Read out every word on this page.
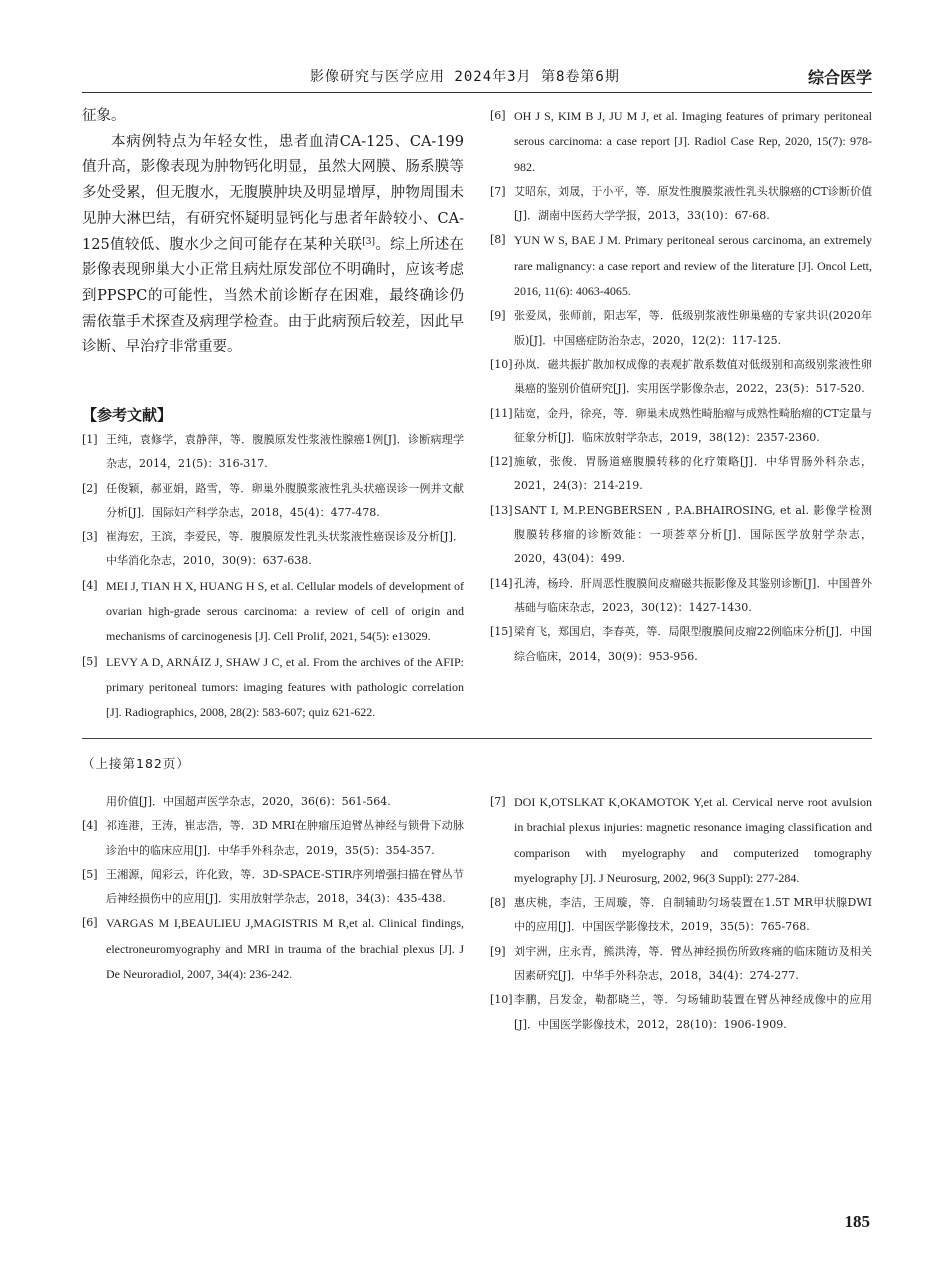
影像研究与医学应用 2024年3月 第8卷第6期	综合医学

征象。

本病例特点为年轻女性，患者血清CA-125、CA-199值升高，影像表现为肿物钙化明显，虽然大网膜、肠系膜等多处受累，但无腹水，无腹膜肿块及明显增厚，肿物周围未见肿大淋巴结，有研究怀疑明显钙化与患者年龄较小、CA-125值较低、腹水少之间可能存在某种关联[3]。综上所述在影像表现卵巢大小正常且病灶原发部位不明确时，应该考虑到PPSPC的可能性，当然术前诊断存在困难，最终确诊仍需依靠手术探查及病理学检查。由于此病预后较差，因此早诊断、早治疗非常重要。

【参考文献】
[1] 王纯，袁修学，袁静萍，等．腹膜原发性浆液性腺癌1例[J]．诊断病理学杂志，2014，21(5)：316-317.
[2] 任俊颖，郝亚娟，路雪，等．卵巢外腹膜浆液性乳头状癌误诊一例并文献分析[J]．国际妇产科学杂志，2018，45(4)：477-478.
[3] 崔海宏，王滨，李爱民，等．腹膜原发性乳头状浆液性癌误诊及分析[J]．中华消化杂志，2010，30(9)：637-638.
[4] MEI J, TIAN H X, HUANG H S, et al. Cellular models of development of ovarian high-grade serous carcinoma: a review of cell of origin and mechanisms of carcinogenesis [J]. Cell Prolif, 2021, 54(5): e13029.
[5] LEVY A D, ARNÁIZ J, SHAW J C, et al. From the archives of the AFIP: primary peritoneal tumors: imaging features with pathologic correlation [J]. Radiographics, 2008, 28(2): 583-607; quiz 621-622.
[6] OH J S, KIM B J, JU M J, et al. Imaging features of primary peritoneal serous carcinoma: a case report [J]. Radiol Case Rep, 2020, 15(7): 978-982.
[7] 艾昭东，刘晟，于小平，等．原发性腹膜浆液性乳头状腺癌的CT诊断价值[J]．湖南中医药大学学报，2013，33(10)：67-68.
[8] YUN W S, BAE J M. Primary peritoneal serous carcinoma, an extremely rare malignancy: a case report and review of the literature [J]. Oncol Lett, 2016, 11(6): 4063-4065.
[9] 张爱凤，张师前，阳志军，等．低级别浆液性卵巢癌的专家共识(2020年版)[J]．中国癌症防治杂志，2020，12(2)：117-125.
[10] 孙岚．磁共振扩散加权成像的表观扩散系数值对低级别和高级别浆液性卵巢癌的鉴别价值研究[J]．实用医学影像杂志，2022，23(5)：517-520.
[11] 陆宽，金丹，徐亮，等．卵巢未成熟性畸胎瘤与成熟性畸胎瘤的CT定量与征象分析[J]．临床放射学杂志，2019，38(12)：2357-2360.
[12] 施敏，张俊．胃肠道癌腹膜转移的化疗策略[J]．中华胃肠外科杂志，2021，24(3)：214-219.
[13] SANT I, M.P.ENGBERSEN , P.A.BHAIROSING, et al. 影像学检测腹膜转移瘤的诊断效能：一项荟萃分析[J]．国际医学放射学杂志，2020，43(04)：499.
[14] 孔涛，杨玲．肝周恶性腹膜间皮瘤磁共振影像及其鉴别诊断[J]．中国普外基础与临床杂志，2023，30(12)：1427-1430.
[15] 梁育飞，郑国启，李春英，等．局限型腹膜间皮瘤22例临床分析[J]．中国综合临床，2014，30(9)：953-956.
（上接第182页）
用价值[J]．中国超声医学杂志，2020，36(6)：561-564.
[4] 祁连港，王涛，崔志浩，等．3D MRI在肿瘤压迫臂丛神经与锁骨下动脉诊治中的临床应用[J]．中华手外科杂志，2019，35(5)：354-357.
[5] 王湘源，闻彩云，许化致，等．3D-SPACE-STIR序列增强扫描在臂丛节后神经损伤中的应用[J]．实用放射学杂志，2018，34(3)：435-438.
[6] VARGAS M I,BEAULIEU J,MAGISTRIS M R,et al. Clinical findings, electroneuromyography and MRI in trauma of the brachial plexus [J]. J De Neuroradiol, 2007, 34(4): 236-242.
[7] DOI K,OTSLKAT K,OKAMOTOK Y,et al. Cervical nerve root avulsion in brachial plexus injuries: magnetic resonance imaging classification and comparison with myelography and computerized tomography myelography [J]. J Neurosurg, 2002, 96(3 Suppl): 277-284.
[8] 惠庆桃，李洁，王周璇，等．自制辅助匀场装置在1.5T MR甲状腺DWI中的应用[J]．中国医学影像技术，2019，35(5)：765-768.
[9] 刘宇洲，庄永青，熊洪涛，等．臂丛神经损伤所致疼痛的临床随访及相关因素研究[J]．中华手外科杂志，2018，34(4)：274-277.
[10] 李鹏，吕发金，勒都晓兰，等．匀场辅助装置在臂丛神经成像中的应用[J]．中国医学影像技术，2012，28(10)：1906-1909.
185
